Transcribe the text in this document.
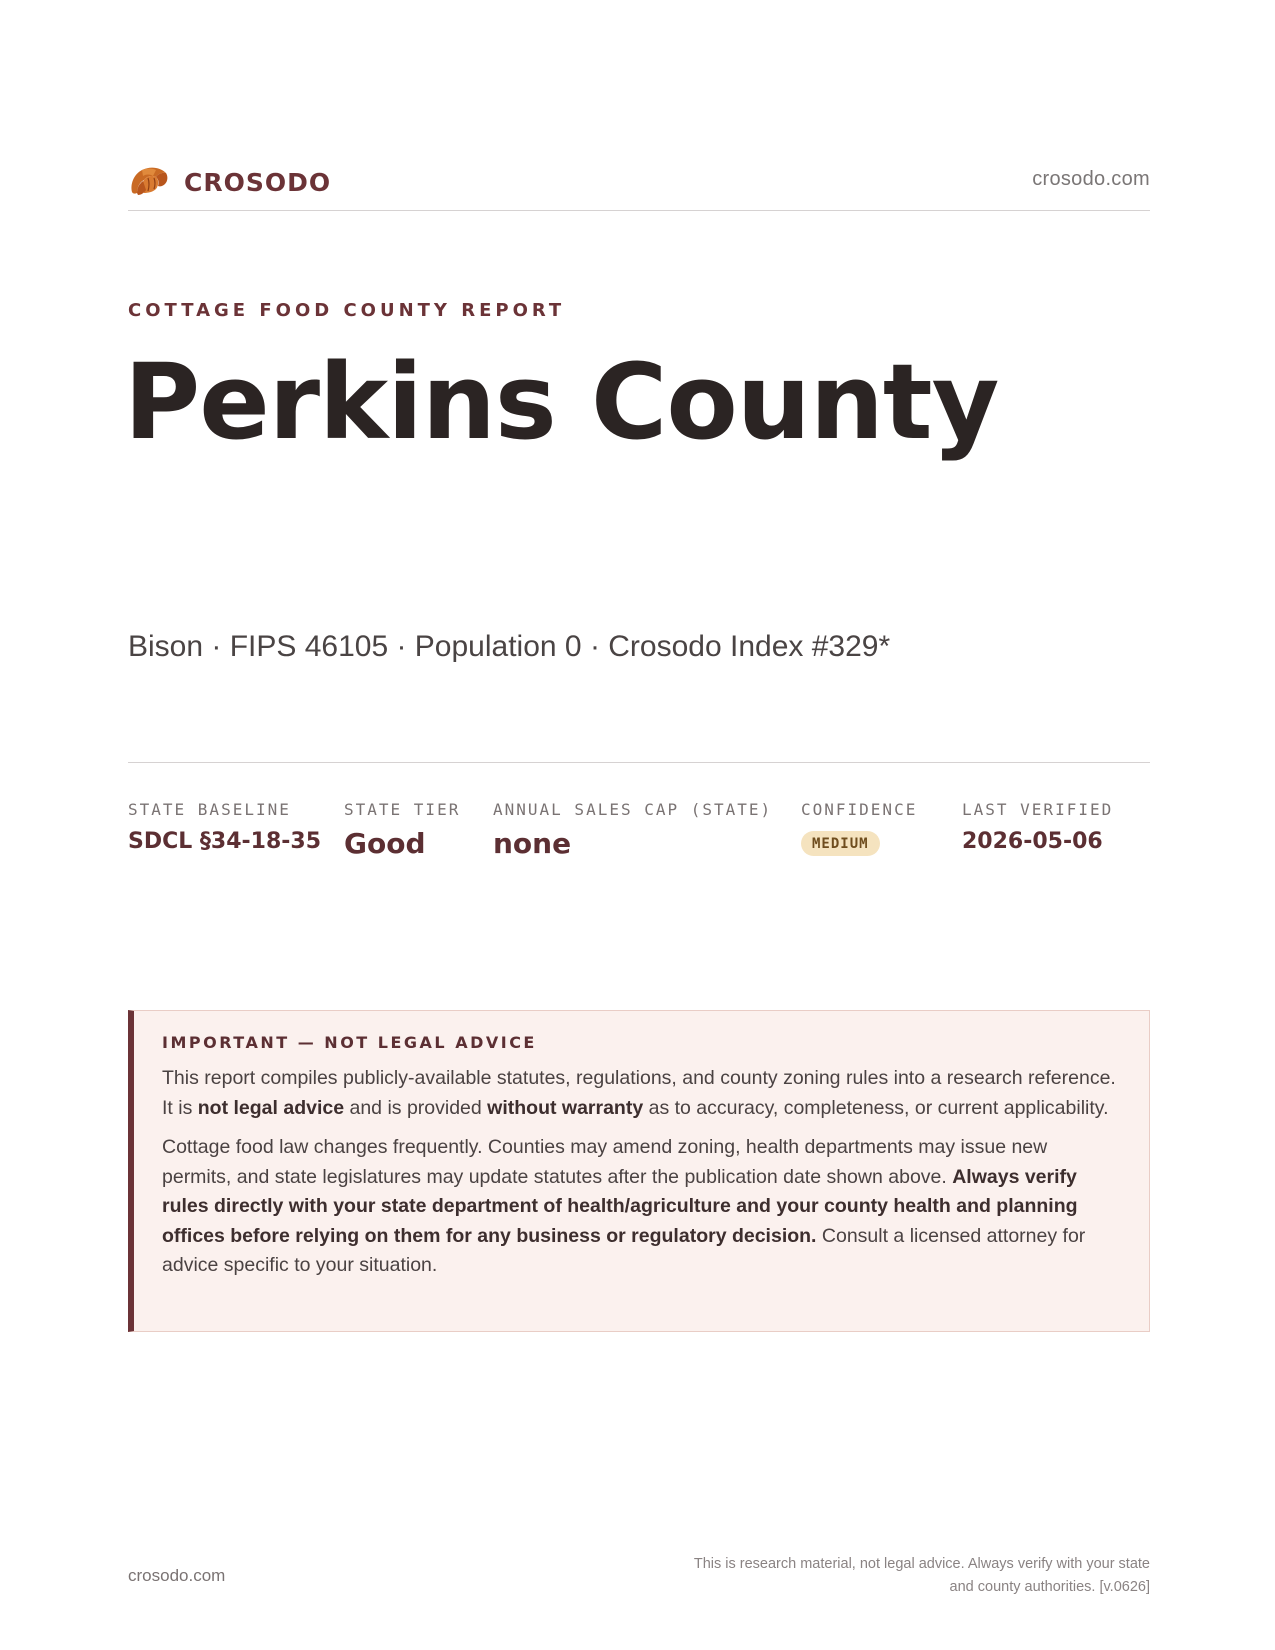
CROSODO	crosodo.com
COTTAGE FOOD COUNTY REPORT
Perkins County
Bison · FIPS 46105 · Population 0 · Crosodo Index #329*
STATE BASELINE
SDCL §34-18-35
STATE TIER
Good
ANNUAL SALES CAP (STATE)
none
CONFIDENCE
MEDIUM
LAST VERIFIED
2026-05-06
IMPORTANT — NOT LEGAL ADVICE

This report compiles publicly-available statutes, regulations, and county zoning rules into a research reference. It is not legal advice and is provided without warranty as to accuracy, completeness, or current applicability.

Cottage food law changes frequently. Counties may amend zoning, health departments may issue new permits, and state legislatures may update statutes after the publication date shown above. Always verify rules directly with your state department of health/agriculture and your county health and planning offices before relying on them for any business or regulatory decision. Consult a licensed attorney for advice specific to your situation.

crosodo.com
This is research material, not legal advice. Always verify with your state
and county authorities. [v.0626]
